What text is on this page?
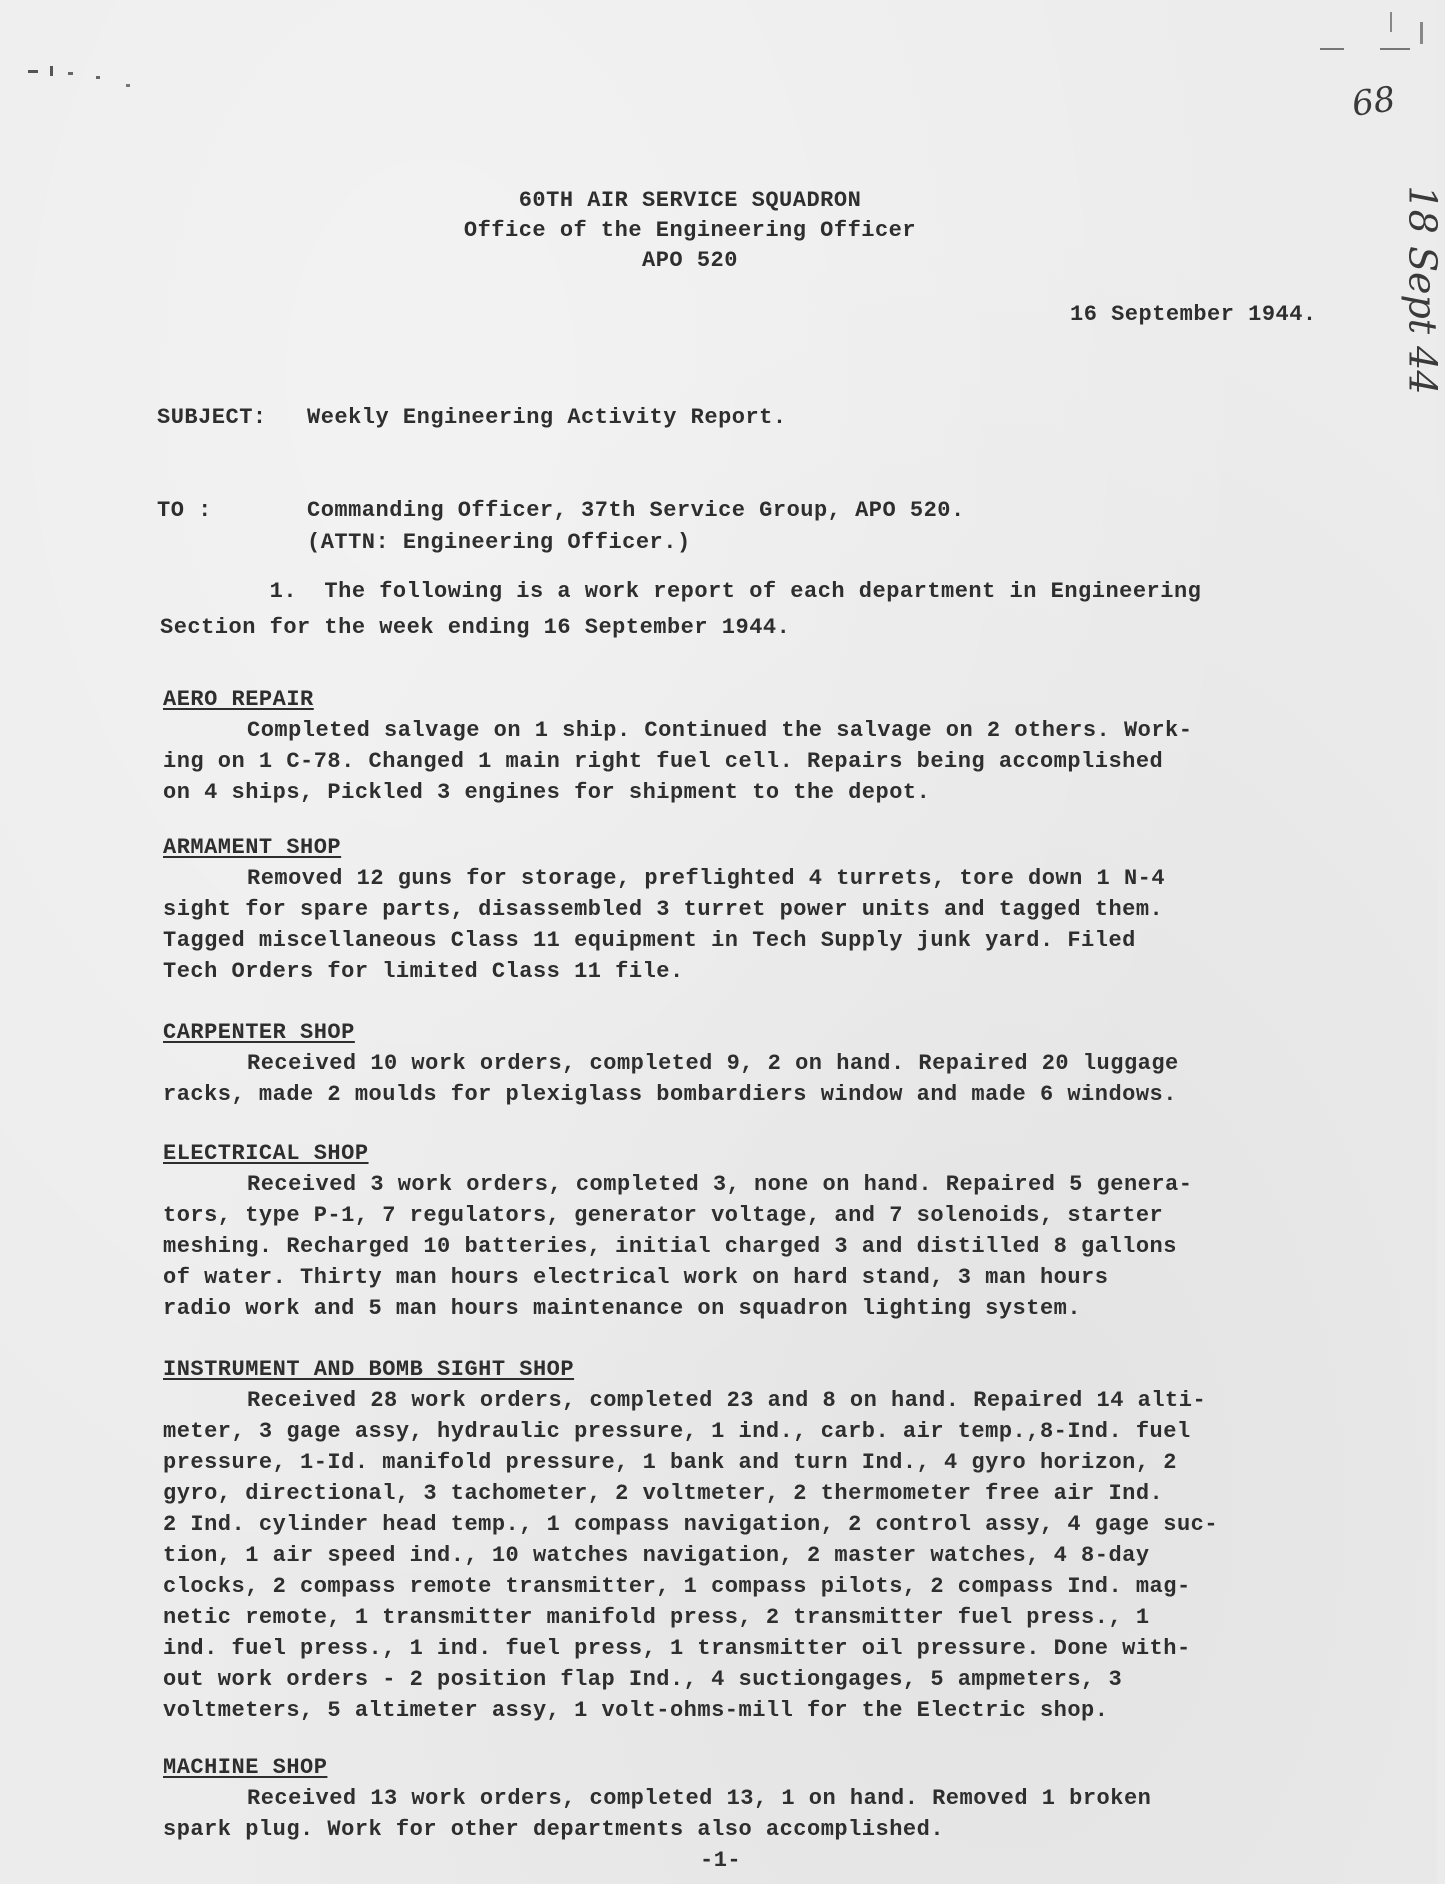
68
18 Sept 44
60TH AIR SERVICE SQUADRON
Office of the Engineering Officer
APO 520
16 September 1944.
SUBJECT: Weekly Engineering Activity Report.
TO :	Commanding Officer, 37th Service Group, APO 520.
(ATTN: Engineering Officer.)
1.  The following is a work report of each department in Engineering
Section for the week ending 16 September 1944.
AERO REPAIR
Completed salvage on 1 ship. Continued the salvage on 2 others. Work-
ing on 1 C-78. Changed 1 main right fuel cell. Repairs being accomplished
on 4 ships, Pickled 3 engines for shipment to the depot.
ARMAMENT SHOP
Removed 12 guns for storage, preflighted 4 turrets, tore down 1 N-4
sight for spare parts, disassembled 3 turret power units and tagged them.
Tagged miscellaneous Class 11 equipment in Tech Supply junk yard. Filed
Tech Orders for limited Class 11 file.
CARPENTER SHOP
Received 10 work orders, completed 9, 2 on hand. Repaired 20 luggage
racks, made 2 moulds for plexiglass bombardiers window and made 6 windows.
ELECTRICAL SHOP
Received 3 work orders, completed 3, none on hand. Repaired 5 genera-
tors, type P-1, 7 regulators, generator voltage, and 7 solenoids, starter
meshing. Recharged 10 batteries, initial charged 3 and distilled 8 gallons
of water. Thirty man hours electrical work on hard stand, 3 man hours
radio work and 5 man hours maintenance on squadron lighting system.
INSTRUMENT AND BOMB SIGHT SHOP
Received 28 work orders, completed 23 and 8 on hand. Repaired 14 alti-
meter, 3 gage assy, hydraulic pressure, 1 ind., carb. air temp.,8-Ind. fuel
pressure, 1-Id. manifold pressure, 1 bank and turn Ind., 4 gyro horizon, 2
gyro, directional, 3 tachometer, 2 voltmeter, 2 thermometer free air Ind.
2 Ind. cylinder head temp., 1 compass navigation, 2 control assy, 4 gage suc-
tion, 1 air speed ind., 10 watches navigation, 2 master watches, 4 8-day
clocks, 2 compass remote transmitter, 1 compass pilots, 2 compass Ind. mag-
netic remote, 1 transmitter manifold press, 2 transmitter fuel press., 1
ind. fuel press., 1 ind. fuel press, 1 transmitter oil pressure. Done with-
out work orders - 2 position flap Ind., 4 suctiongages, 5 ampmeters, 3
voltmeters, 5 altimeter assy, 1 volt-ohms-mill for the Electric shop.
MACHINE SHOP
Received 13 work orders, completed 13, 1 on hand. Removed 1 broken
spark plug. Work for other departments also accomplished.
-1-
